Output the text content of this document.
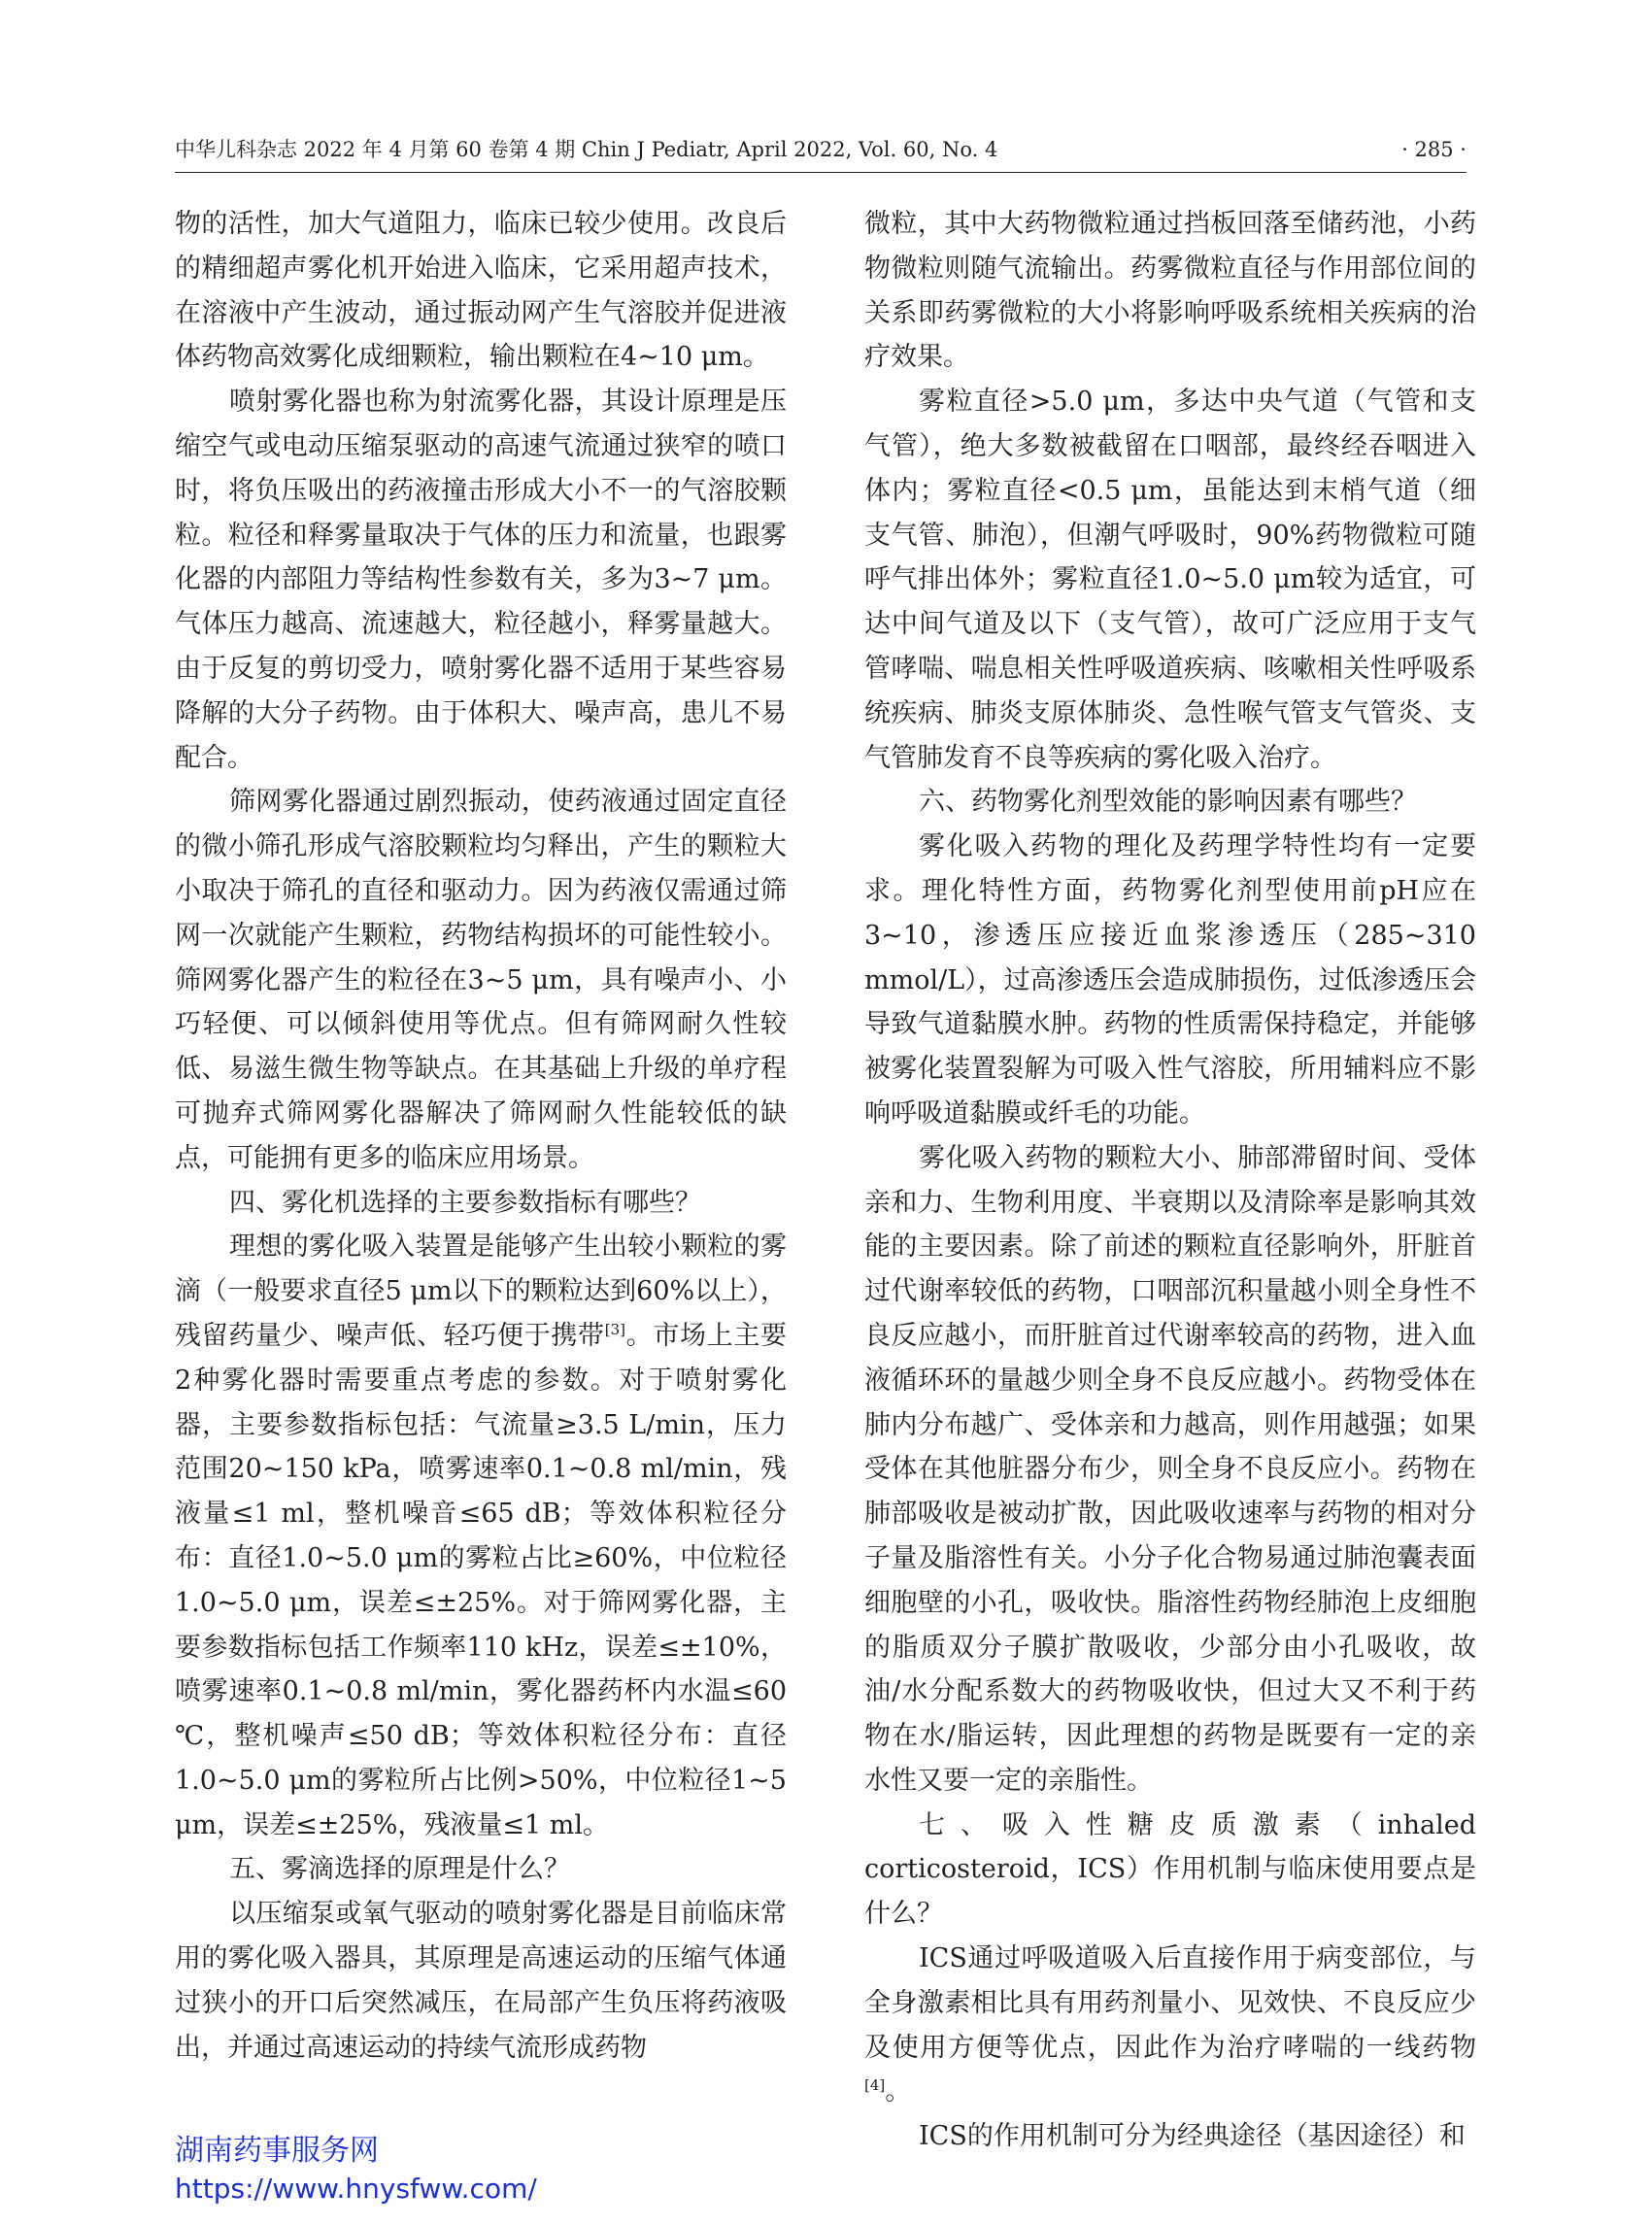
中华儿科杂志 2022 年 4 月第 60 卷第 4 期 Chin J Pediatr, April 2022, Vol. 60, No. 4	· 285 ·

物的活性，加大气道阻力，临床已较少使用。改良后的精细超声雾化机开始进入临床，它采用超声技术，在溶液中产生波动，通过振动网产生气溶胶并促进液体药物高效雾化成细颗粒，输出颗粒在4~10 μm。

喷射雾化器也称为射流雾化器，其设计原理是压缩空气或电动压缩泵驱动的高速气流通过狭窄的喷口时，将负压吸出的药液撞击形成大小不一的气溶胶颗粒。粒径和释雾量取决于气体的压力和流量，也跟雾化器的内部阻力等结构性参数有关，多为3~7 μm。气体压力越高、流速越大，粒径越小，释雾量越大。由于反复的剪切受力，喷射雾化器不适用于某些容易降解的大分子药物。由于体积大、噪声高，患儿不易配合。

筛网雾化器通过剧烈振动，使药液通过固定直径的微小筛孔形成气溶胶颗粒均匀释出，产生的颗粒大小取决于筛孔的直径和驱动力。因为药液仅需通过筛网一次就能产生颗粒，药物结构损坏的可能性较小。筛网雾化器产生的粒径在3~5 μm，具有噪声小、小巧轻便、可以倾斜使用等优点。但有筛网耐久性较低、易滋生微生物等缺点。在其基础上升级的单疗程可抛弃式筛网雾化器解决了筛网耐久性能较低的缺点，可能拥有更多的临床应用场景。

四、雾化机选择的主要参数指标有哪些？

理想的雾化吸入装置是能够产生出较小颗粒的雾滴（一般要求直径5 μm以下的颗粒达到60%以上），残留药量少、噪声低、轻巧便于携带[3]。市场上主要2种雾化器时需要重点考虑的参数。对于喷射雾化器，主要参数指标包括：气流量≥3.5 L/min，压力范围20~150 kPa，喷雾速率0.1~0.8 ml/min，残液量≤1 ml，整机噪音≤65 dB；等效体积粒径分布：直径1.0~5.0 μm的雾粒占比≥60%，中位粒径1.0~5.0 μm，误差≤±25%。对于筛网雾化器，主要参数指标包括工作频率110 kHz，误差≤±10%，喷雾速率0.1~0.8 ml/min，雾化器药杯内水温≤60 ℃，整机噪声≤50 dB；等效体积粒径分布：直径1.0~5.0 μm的雾粒所占比例>50%，中位粒径1~5 μm，误差≤±25%，残液量≤1 ml。

五、雾滴选择的原理是什么？

以压缩泵或氧气驱动的喷射雾化器是目前临床常用的雾化吸入器具，其原理是高速运动的压缩气体通过狭小的开口后突然减压，在局部产生负压将药液吸出，并通过高速运动的持续气流形成药物

微粒，其中大药物微粒通过挡板回落至储药池，小药物微粒则随气流输出。药雾微粒直径与作用部位间的关系即药雾微粒的大小将影响呼吸系统相关疾病的治疗效果。

雾粒直径>5.0 μm，多达中央气道（气管和支气管），绝大多数被截留在口咽部，最终经吞咽进入体内；雾粒直径<0.5 μm，虽能达到末梢气道（细支气管、肺泡），但潮气呼吸时，90%药物微粒可随呼气排出体外；雾粒直径1.0~5.0 μm较为适宜，可达中间气道及以下（支气管），故可广泛应用于支气管哮喘、喘息相关性呼吸道疾病、咳嗽相关性呼吸系统疾病、肺炎支原体肺炎、急性喉气管支气管炎、支气管肺发育不良等疾病的雾化吸入治疗。

六、药物雾化剂型效能的影响因素有哪些？

雾化吸入药物的理化及药理学特性均有一定要求。理化特性方面，药物雾化剂型使用前pH应在3~10，渗透压应接近血浆渗透压（285~310 mmol/L），过高渗透压会造成肺损伤，过低渗透压会导致气道黏膜水肿。药物的性质需保持稳定，并能够被雾化装置裂解为可吸入性气溶胶，所用辅料应不影响呼吸道黏膜或纤毛的功能。

雾化吸入药物的颗粒大小、肺部滞留时间、受体亲和力、生物利用度、半衰期以及清除率是影响其效能的主要因素。除了前述的颗粒直径影响外，肝脏首过代谢率较低的药物，口咽部沉积量越小则全身性不良反应越小，而肝脏首过代谢率较高的药物，进入血液循环环的量越少则全身不良反应越小。药物受体在肺内分布越广、受体亲和力越高，则作用越强；如果受体在其他脏器分布少，则全身不良反应小。药物在肺部吸收是被动扩散，因此吸收速率与药物的相对分子量及脂溶性有关。小分子化合物易通过肺泡囊表面细胞壁的小孔，吸收快。脂溶性药物经肺泡上皮细胞的脂质双分子膜扩散吸收，少部分由小孔吸收，故油/水分配系数大的药物吸收快，但过大又不利于药物在水/脂运转，因此理想的药物是既要有一定的亲水性又要一定的亲脂性。

七、吸入性糖皮质激素（inhaled corticosteroid，ICS）作用机制与临床使用要点是什么？

ICS通过呼吸道吸入后直接作用于病变部位，与全身激素相比具有用药剂量小、见效快、不良反应少及使用方便等优点，因此作为治疗哮喘的一线药物[4]。

ICS的作用机制可分为经典途径（基因途径）和

湖南药事服务网
https://www.hnysfww.com/
